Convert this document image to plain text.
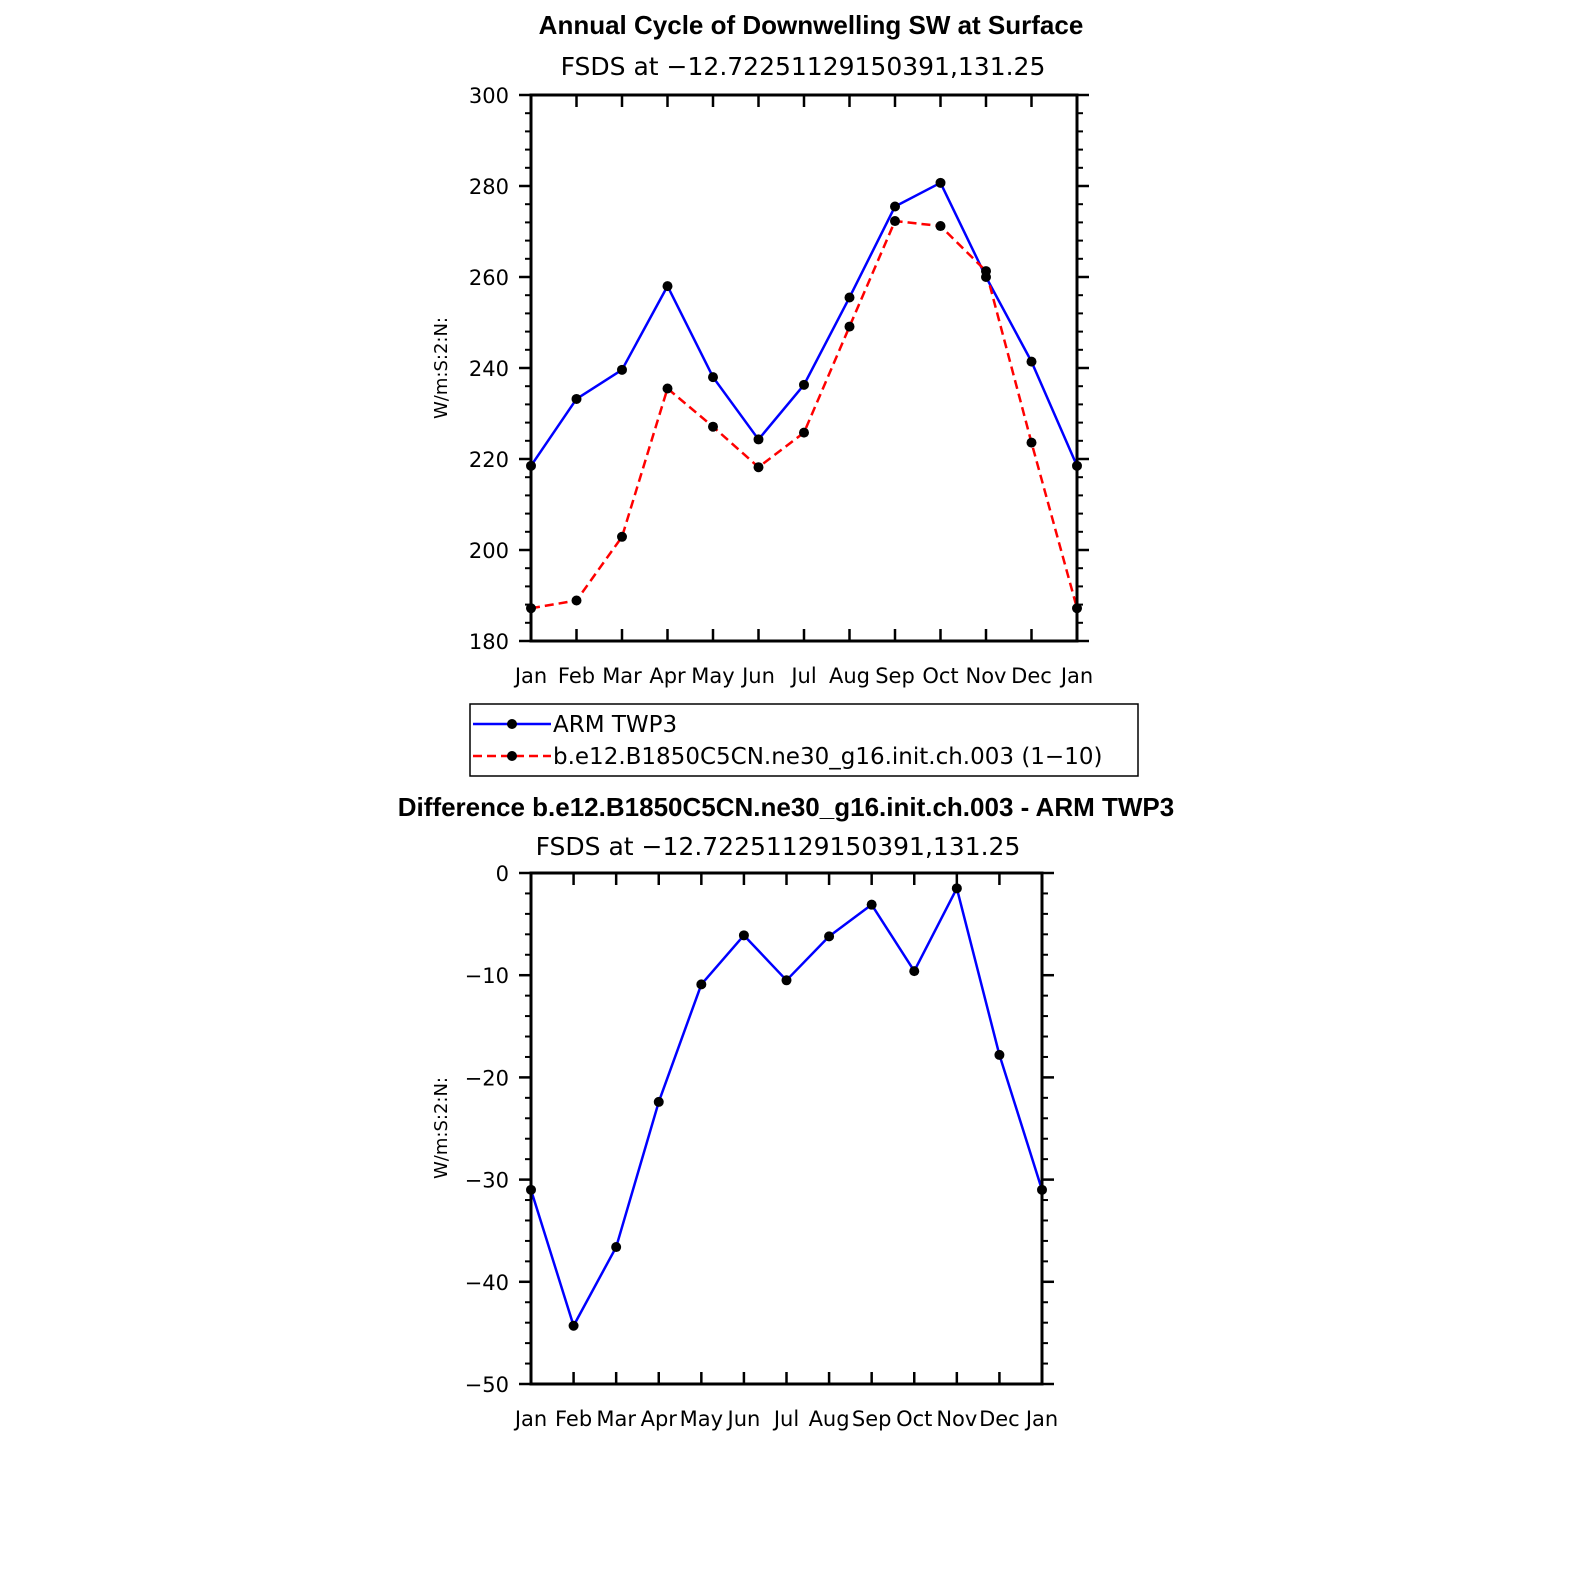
Annual Cycle of Downwelling SW at Surface
FSDS at −12.72251129150391,131.25
W/m:S:2:N:
180
200
220
240
260
280
300
Jan Feb Mar Apr May Jun Jul Aug Sep Oct Nov Dec Jan
ARM TWP3
b.e12.B1850C5CN.ne30_g16.init.ch.003 (1−10)
Difference b.e12.B1850C5CN.ne30_g16.init.ch.003 - ARM TWP3
FSDS at −12.72251129150391,131.25
W/m:S:2:N:
−50
−40
−30
−20
−10
0
Jan Feb Mar Apr May Jun Jul Aug Sep Oct Nov Dec Jan
